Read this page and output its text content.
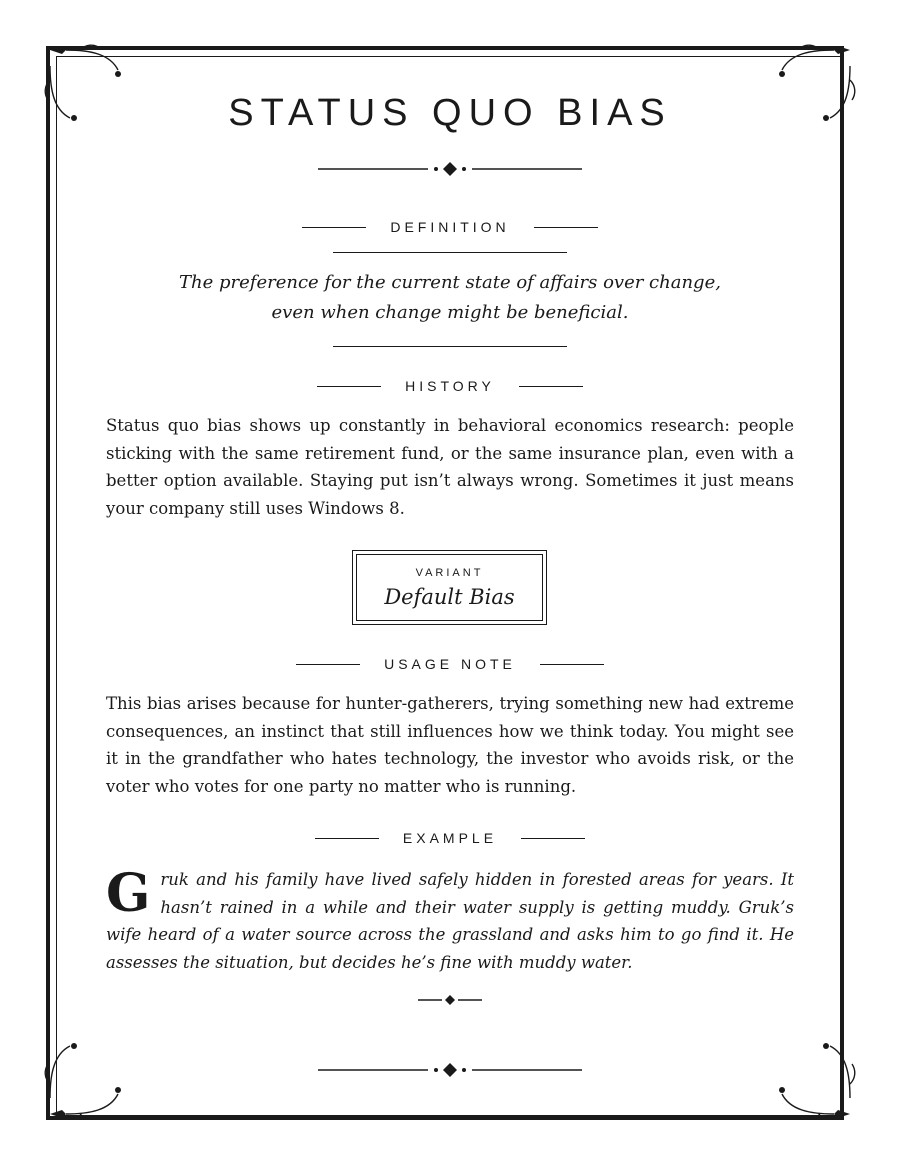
STATUS QUO BIAS
DEFINITION
The preference for the current state of affairs over change, even when change might be beneficial.
HISTORY
Status quo bias shows up constantly in behavioral economics research: people sticking with the same retirement fund, or the same insurance plan, even with a better option available. Staying put isn’t always wrong. Sometimes it just means your company still uses Windows 8.
VARIANT
Default Bias
USAGE NOTE
This bias arises because for hunter-gatherers, trying something new had extreme consequences, an instinct that still influences how we think today. You might see it in the grandfather who hates technology, the investor who avoids risk, or the voter who votes for one party no matter who is running.
EXAMPLE
Gruk and his family have lived safely hidden in forested areas for years. It hasn’t rained in a while and their water supply is getting muddy. Gruk’s wife heard of a water source across the grassland and asks him to go find it. He assesses the situation, but decides he’s fine with muddy water.
